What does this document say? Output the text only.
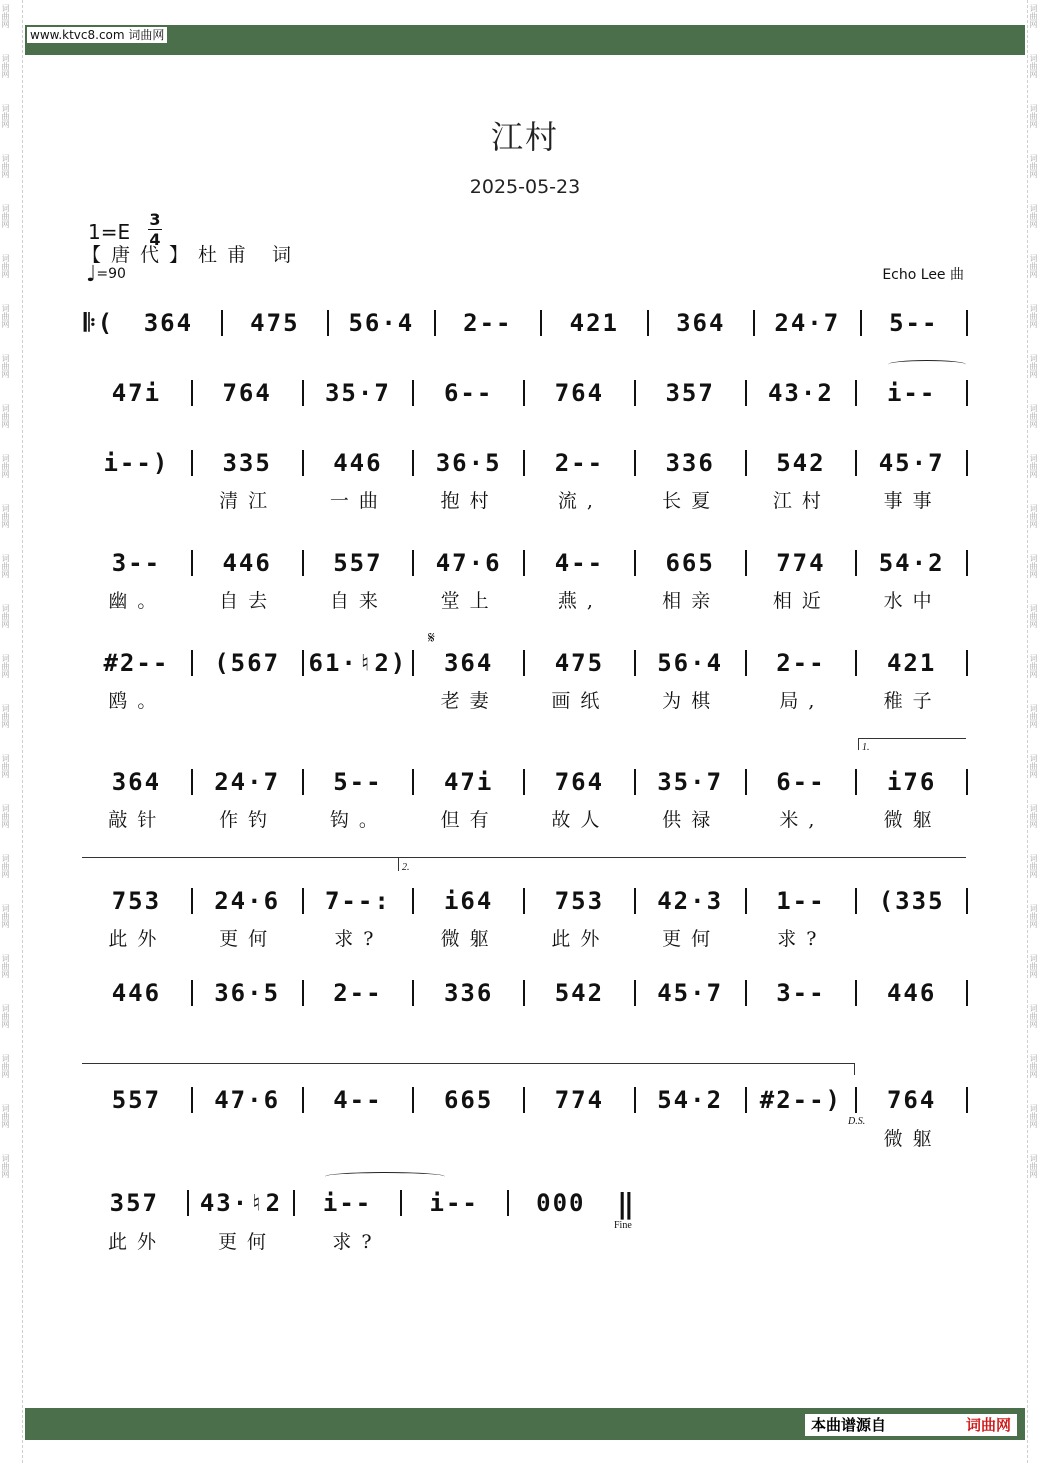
词曲网
词曲网
词曲网
词曲网
词曲网
词曲网
词曲网
词曲网
词曲网
词曲网
词曲网
词曲网
词曲网
词曲网
词曲网
词曲网
词曲网
词曲网
词曲网
词曲网
词曲网
词曲网
词曲网
词曲网
词曲网
词曲网
词曲网
词曲网
词曲网
词曲网
词曲网
词曲网
词曲网
词曲网
词曲网
词曲网
词曲网
词曲网
词曲网
词曲网
词曲网
词曲网
词曲网
词曲网
词曲网
词曲网
词曲网
词曲网
www.ktvc8.com 词曲网
本曲谱源自	词曲网
江村
2025-05-23
1=E
3
4
♩=90
【唐代】杜甫 词
Echo Lee 曲
𝄆(	364	475	56·4	2--	421	364	24·7	5--
47i	764	35·7	6--	764	357	43·2	i--
i--)	335	446	36·5	2--	336	542	45·7
清江	一曲	抱村	流,	长夏	江村	事事
3--	446	557	47·6	4--	665	774	54·2
幽。	自去	自来	堂上	燕,	相亲	相近	水中
#2--	(567	61·♮2)	364	475	56·4	2--	421
鸥。	老妻	画纸	为棋	局,	稚子
364	24·7	5--	47i	764	35·7	6--	i76
敲针	作钓	钩。	但有	故人	供禄	米,	微躯
753	24·6	7--:	i64	753	42·3	1--	(335
此外	更何	求?	微躯	此外	更何	求?
446	36·5	2--	336	542	45·7	3--	446
557	47·6	4--	665	774	54·2	#2--)	764
微躯
357	43·♮2	i--	i--	000	‖
此外	更何	求?
1.
2.
D.S.
Fine
𝄋
